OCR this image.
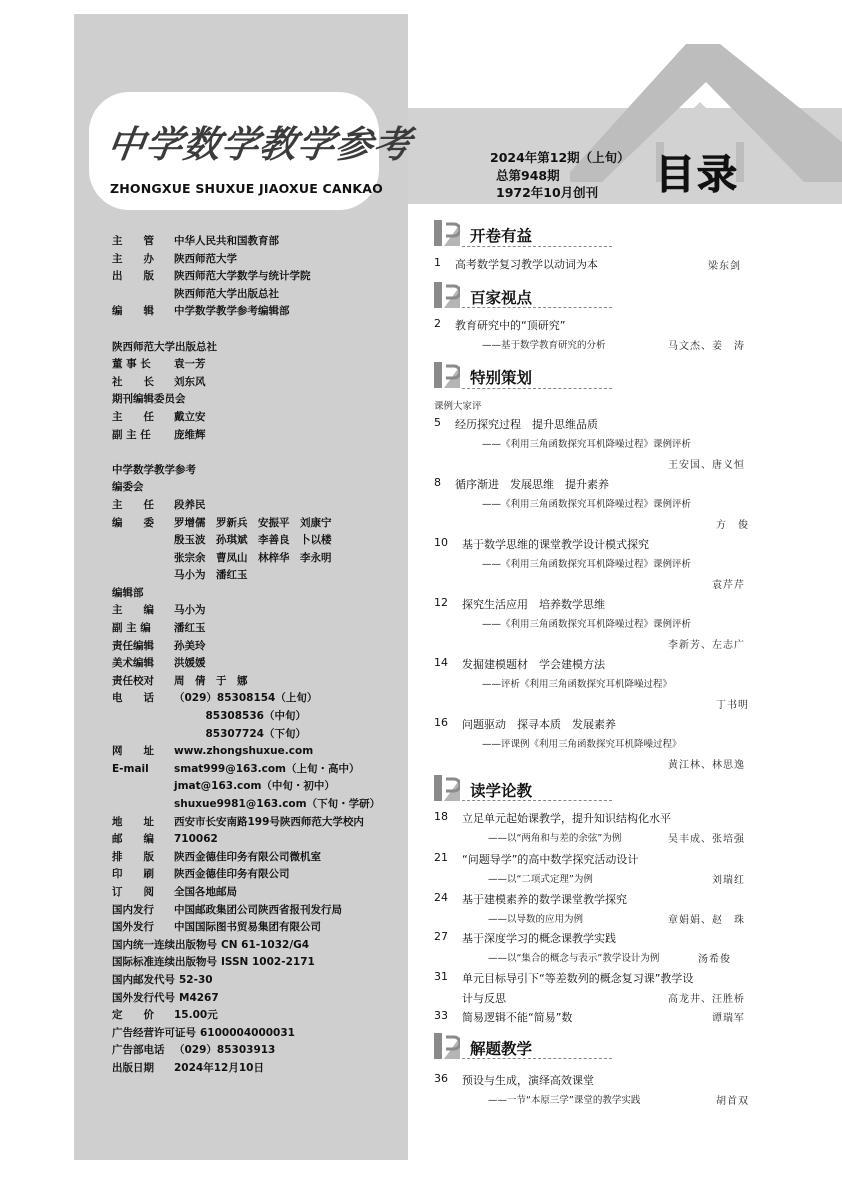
中学数学教学参考
ZHONGXUE SHUXUE JIAOXUE CANKAO
2024年第12期（上旬）
总第948期
1972年10月创刊 目录
主　　管 中华人民共和国教育部
主　　办 陕西师范大学
出　　版 陕西师范大学数学与统计学院
陕西师范大学出版总社
编　　辑 中学数学教学参考编辑部
陕西师范大学出版总社
董 事 长 袁一芳
社　　长 刘东风
期刊编辑委员会
主　　任 戴立安
副 主 任 庞维辉
中学数学教学参考
编委会
主　　任 段养民
编　　委 罗增儒　罗新兵　安振平　刘康宁
殷玉波　孙琪斌　李善良　卜以楼
张宗余　曹凤山　林梓华　李永明
马小为　潘红玉
编辑部
主　　编 马小为
副 主 编 潘红玉
责任编辑 孙美玲
美术编辑 洪媛媛
责任校对 周　倩　于　娜
电　　话 （029）85308154（上旬）
　　　85308536（中旬）
　　　85307724（下旬）
网　　址 www.zhongshuxue.com
E-mail smat999@163.com（上旬・高中）
jmat@163.com（中旬・初中）
shuxue9981@163.com（下旬・学研）
地　　址 西安市长安南路199号陕西师范大学校内
邮　　编 710062
排　　版 陕西金德佳印务有限公司微机室
印　　刷 陕西金德佳印务有限公司
订　　阅 全国各地邮局
国内发行 中国邮政集团公司陕西省报刊发行局
国外发行 中国国际图书贸易集团有限公司
国内统一连续出版物号 CN 61-1032/G4
国际标准连续出版物号 ISSN 1002-2171
国内邮发代号 52-30
国外发行代号 M4267
定　　价 15.00元
广告经营许可证号 6100004000031
广告部电话 （029）85303913
出版日期 2024年12月10日
开卷有益
百家视点
特别策划
读学论教
解题教学
1 高考数学复习教学以动词为本	梁东剑
2 教育研究中的“顶研究”
——基于数学教育研究的分析	马文杰、姜　涛
课例大家评
5 经历探究过程　提升思维品质
——《利用三角函数探究耳机降噪过程》课例评析
王安国、唐义恒
8 循序渐进　发展思维　提升素养
——《利用三角函数探究耳机降噪过程》课例评析
方　俊
10 基于数学思维的课堂教学设计模式探究
——《利用三角函数探究耳机降噪过程》课例评析
袁芹芹
12 探究生活应用　培养数学思维
——《利用三角函数探究耳机降噪过程》课例评析
李新芳、左志广
14 发掘建模题材　学会建模方法
——评析《利用三角函数探究耳机降噪过程》
丁书明
16 问题驱动　探寻本质　发展素养
——评课例《利用三角函数探究耳机降噪过程》
黄江林、林思逸
18 立足单元起始课教学，提升知识结构化水平
——以“两角和与差的余弦”为例	吴丰成、张培强
21 “问题导学”的高中数学探究活动设计
——以“二项式定理”为例	刘瑞红
24 基于建模素养的数学课堂教学探究
——以导数的应用为例	章娟娟、赵　珠
27 基于深度学习的概念课教学实践
——以“集合的概念与表示”教学设计为例	汤希俊
31 单元目标导引下“等差数列的概念复习课”教学设
计与反思	高龙井、汪胜桥
33 简易逻辑不能“简易”数	谭瑞军
36 预设与生成，演绎高效课堂
——一节“本原三学”课堂的教学实践	胡首双
